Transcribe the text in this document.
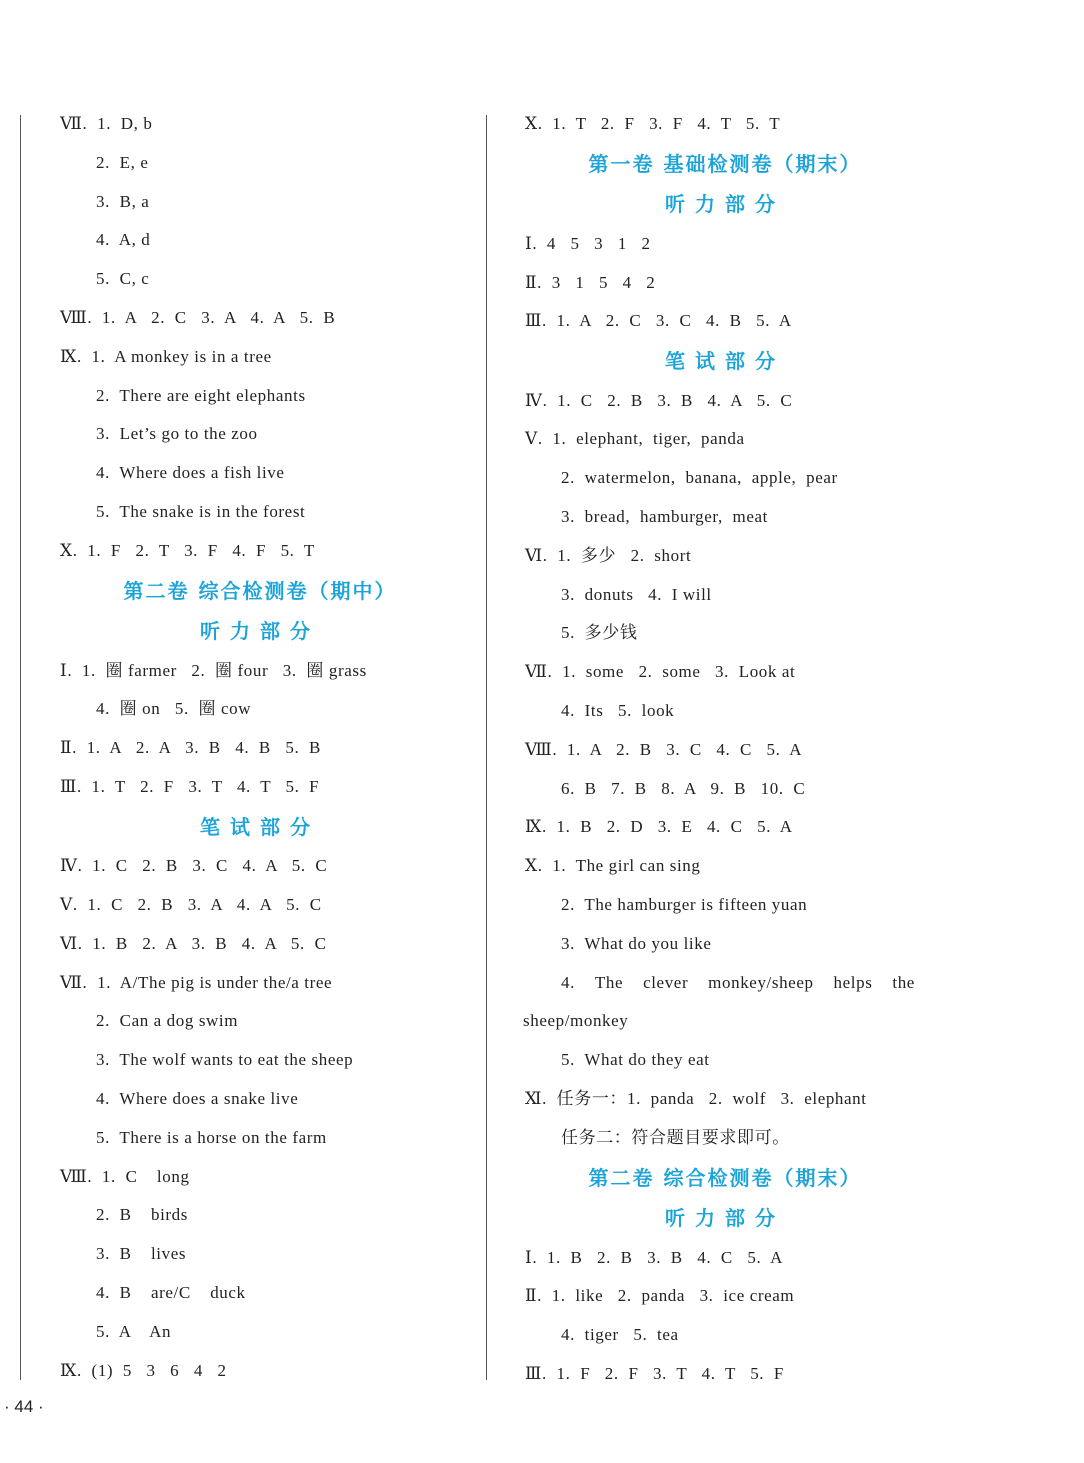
Ⅶ.  1.  D, b
2.  E, e
3.  B, a
4.  A, d
5.  C, c
Ⅷ.  1.  A   2.  C   3.  A   4.  A   5.  B
Ⅸ.  1.  A monkey is in a tree
2.  There are eight elephants
3.  Let’s go to the zoo
4.  Where does a fish live
5.  The snake is in the forest
Ⅹ.  1.  F   2.  T   3.  F   4.  F   5.  T
第二卷 综合检测卷（期中）
听力部分
Ⅰ.  1.  圈 farmer   2.  圈 four   3.  圈 grass
4.  圈 on   5.  圈 cow
Ⅱ.  1.  A   2.  A   3.  B   4.  B   5.  B
Ⅲ.  1.  T   2.  F   3.  T   4.  T   5.  F
笔试部分
Ⅳ.  1.  C   2.  B   3.  C   4.  A   5.  C
Ⅴ.  1.  C   2.  B   3.  A   4.  A   5.  C
Ⅵ.  1.  B   2.  A   3.  B   4.  A   5.  C
Ⅶ.  1.  A/The pig is under the/a tree
2.  Can a dog swim
3.  The wolf wants to eat the sheep
4.  Where does a snake live
5.  There is a horse on the farm
Ⅷ.  1.  C    long
2.  B    birds
3.  B    lives
4.  B    are/C    duck
5.  A    An
Ⅸ.  (1)  5   3   6   4   2
Ⅹ.  1.  T   2.  F   3.  F   4.  T   5.  T
第一卷 基础检测卷（期末）
听力部分
Ⅰ.  4   5   3   1   2
Ⅱ.  3   1   5   4   2
Ⅲ.  1.  A   2.  C   3.  C   4.  B   5.  A
笔试部分
Ⅳ.  1.  C   2.  B   3.  B   4.  A   5.  C
Ⅴ.  1.  elephant,  tiger,  panda
2.  watermelon,  banana,  apple,  pear
3.  bread,  hamburger,  meat
Ⅵ.  1.  多少   2.  short
3.  donuts   4.  I will
5.  多少钱
Ⅶ.  1.  some   2.  some   3.  Look at
4.  Its   5.  look
Ⅷ.  1.  A   2.  B   3.  C   4.  C   5.  A
6.  B   7.  B   8.  A   9.  B   10.  C
Ⅸ.  1.  B   2.  D   3.  E   4.  C   5.  A
Ⅹ.  1.  The girl can sing
2.  The hamburger is fifteen yuan
3.  What do you like
4. The clever monkey/sheep helps the
sheep/monkey
5.  What do they eat
Ⅺ.  任务一：1.  panda   2.  wolf   3.  elephant
任务二：符合题目要求即可。
第二卷 综合检测卷（期末）
听力部分
Ⅰ.  1.  B   2.  B   3.  B   4.  C   5.  A
Ⅱ.  1.  like   2.  panda   3.  ice cream
4.  tiger   5.  tea
Ⅲ.  1.  F   2.  F   3.  T   4.  T   5.  F
· 44 ·
